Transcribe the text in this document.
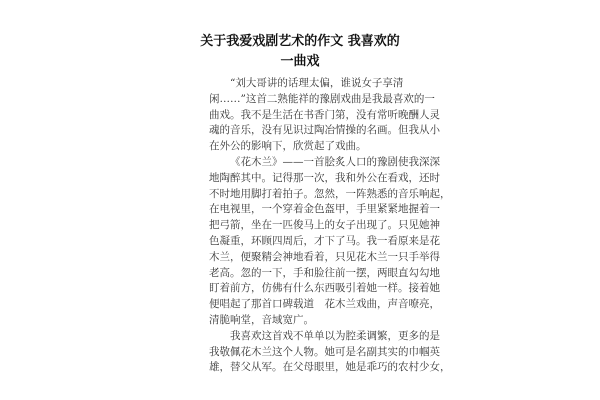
关于我爱戏剧艺术的作文 我喜欢的一曲戏
“刘大哥讲的话理太偏，谁说女子享清
闲……”这首二熟能祥的豫剧戏曲是我最喜欢的一
曲戏。我不是生活在书香门第，没有常听晚酬人灵
魂的音乐，没有见识过陶冶情操的名画。但我从小
在外公的影响下，欣赏起了戏曲。
《花木兰》——一首脍炙人口的豫剧使我深深
地陶醉其中。记得那一次，我和外公在看戏，还时
不时地用脚打着拍子。忽然，一阵熟悉的音乐响起，
在电视里，一个穿着金色盔甲，手里紧紧地握着一
把弓箭，坐在一匹俊马上的女子出现了。只见她神
色凝重，环顾四周后，才下了马。我一看原来是花
木兰，便聚精会神地看着，只见花木兰一只手举得
老高。忽的一下，手和脸往前一摆，两眼直勾勾地
盯着前方，仿佛有什么东西吸引着她一样。接着她
便唱起了那首口碑载道　花木兰戏曲，声音嘹亮，
清脆响堂，音域宽广。
我喜欢这首戏不单单以为腔柔调繁，更多的是
我敬佩花木兰这个人物。她可是名副其实的巾帼英
雄，替父从军。在父母眼里，她是乖巧的农村少女，
